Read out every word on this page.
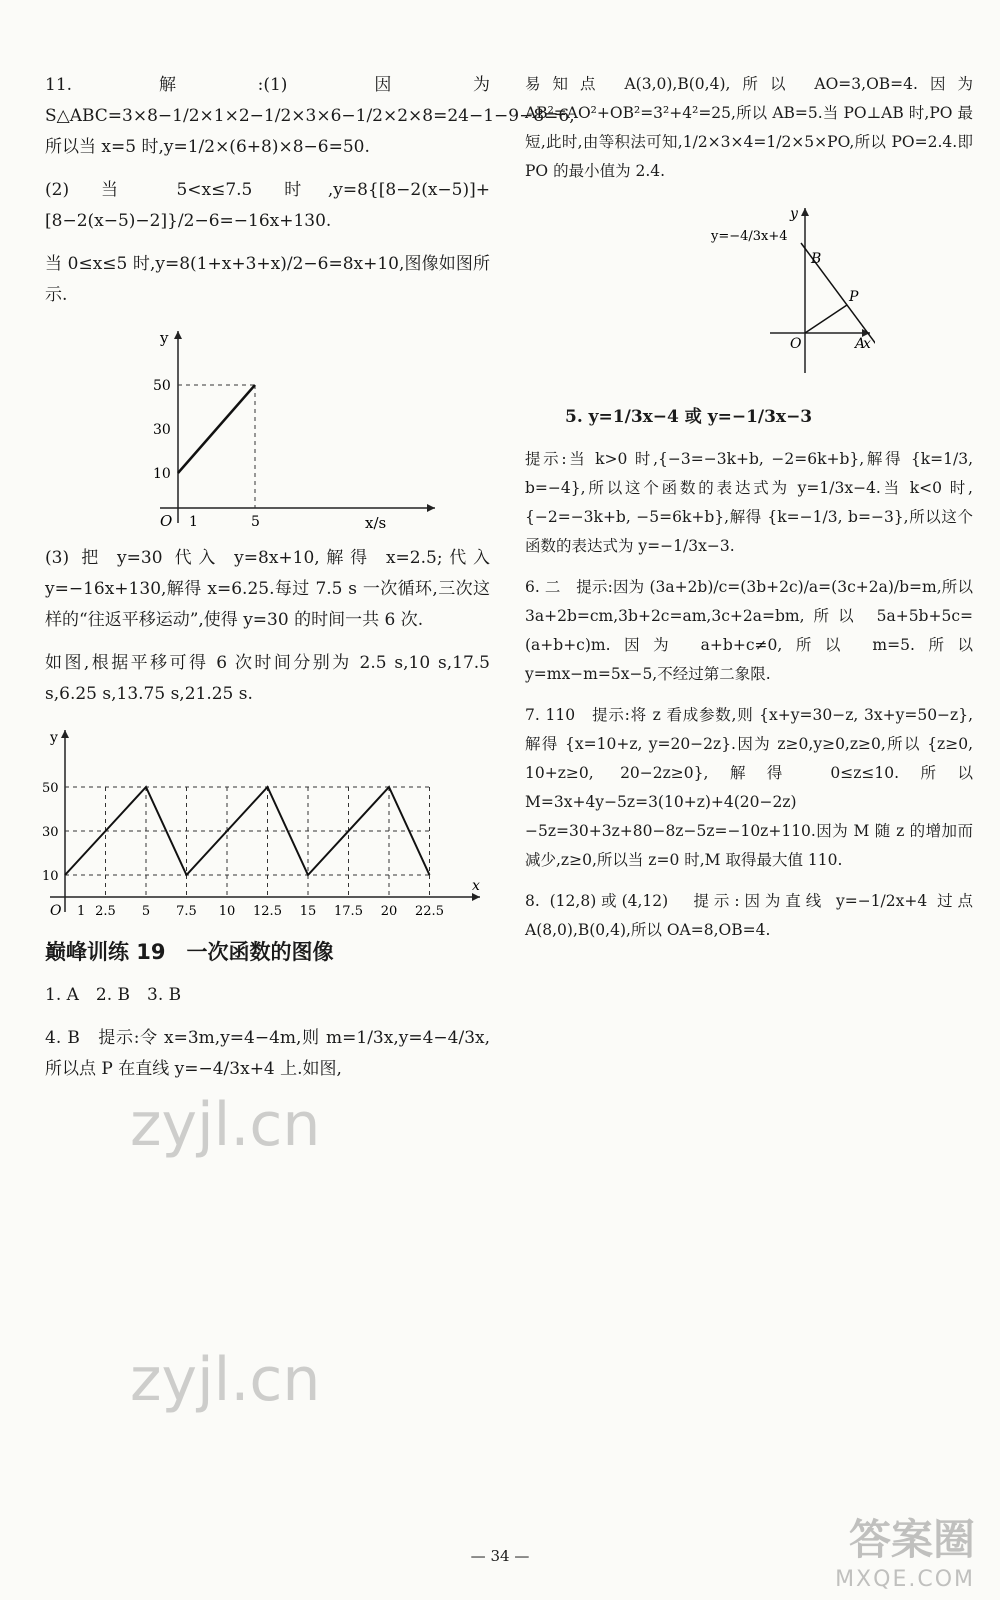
11. 解:(1) 因为 S△ABC=3×8−1/2×1×2−1/2×3×6−1/2×2×8=24−1−9−8=6,所以当 x=5 时,y=1/2×(6+8)×8−6=50.

(2) 当 5<x≤7.5 时,y=8{[8−2(x−5)]+[8−2(x−5)−2]}/2−6=−16x+130.

当 0≤x≤5 时,y=8(1+x+3+x)/2−6=8x+10,图像如图所示.

y
x/s
O
10
30
50
1	5

(3) 把 y=30 代入 y=8x+10,解得 x=2.5;代入 y=−16x+130,解得 x=6.25.每过 7.5 s 一次循环,三次这样的“往返平移运动”,使得 y=30 的时间一共 6 次.

如图,根据平移可得 6 次时间分别为 2.5 s,10 s,17.5 s,6.25 s,13.75 s,21.25 s.

y
x
O
10
30
50
1 2.5 5 7.5 10 12.5 15 17.5 20 22.5
巅峰训练 19　一次函数的图像

1. A　2. B　3. B

4. B　提示:令 x=3m,y=4−4m,则 m=1/3x,y=4−4/3x,所以点 P 在直线 y=−4/3x+4 上.如图,

易知点 A(3,0),B(0,4),所以 AO=3,OB=4.因为 AB²=AO²+OB²=3²+4²=25,所以 AB=5.当 PO⊥AB 时,PO 最短,此时,由等积法可知,1/2×3×4=1/2×5×PO,所以 PO=2.4.即 PO 的最小值为 2.4.

y
x
O
y=−4/3x+4
B
P
A

5. y=1/3x−4 或 y=−1/3x−3

提示:当 k>0 时,{−3=−3k+b, −2=6k+b},解得 {k=1/3, b=−4},所以这个函数的表达式为 y=1/3x−4.当 k<0 时,{−2=−3k+b, −5=6k+b},解得 {k=−1/3, b=−3},所以这个函数的表达式为 y=−1/3x−3.

6. 二　提示:因为 (3a+2b)/c=(3b+2c)/a=(3c+2a)/b=m,所以 3a+2b=cm,3b+2c=am,3c+2a=bm,所以 5a+5b+5c=(a+b+c)m.因为 a+b+c≠0,所以 m=5.所以 y=mx−m=5x−5,不经过第二象限.

7. 110　提示:将 z 看成参数,则 {x+y=30−z, 3x+y=50−z},解得 {x=10+z, y=20−2z}.因为 z≥0,y≥0,z≥0,所以 {z≥0, 10+z≥0, 20−2z≥0},解得 0≤z≤10.所以 M=3x+4y−5z=3(10+z)+4(20−2z)−5z=30+3z+80−8z−5z=−10z+110.因为 M 随 z 的增加而减少,z≥0,所以当 z=0 时,M 取得最大值 110.

8. (12,8)或(4,12)　提示:因为直线 y=−1/2x+4 过点 A(8,0),B(0,4),所以 OA=8,OB=4.

— 34 —
zyjl.cn
zyjl.cn
答案圈
MXQE.COM
